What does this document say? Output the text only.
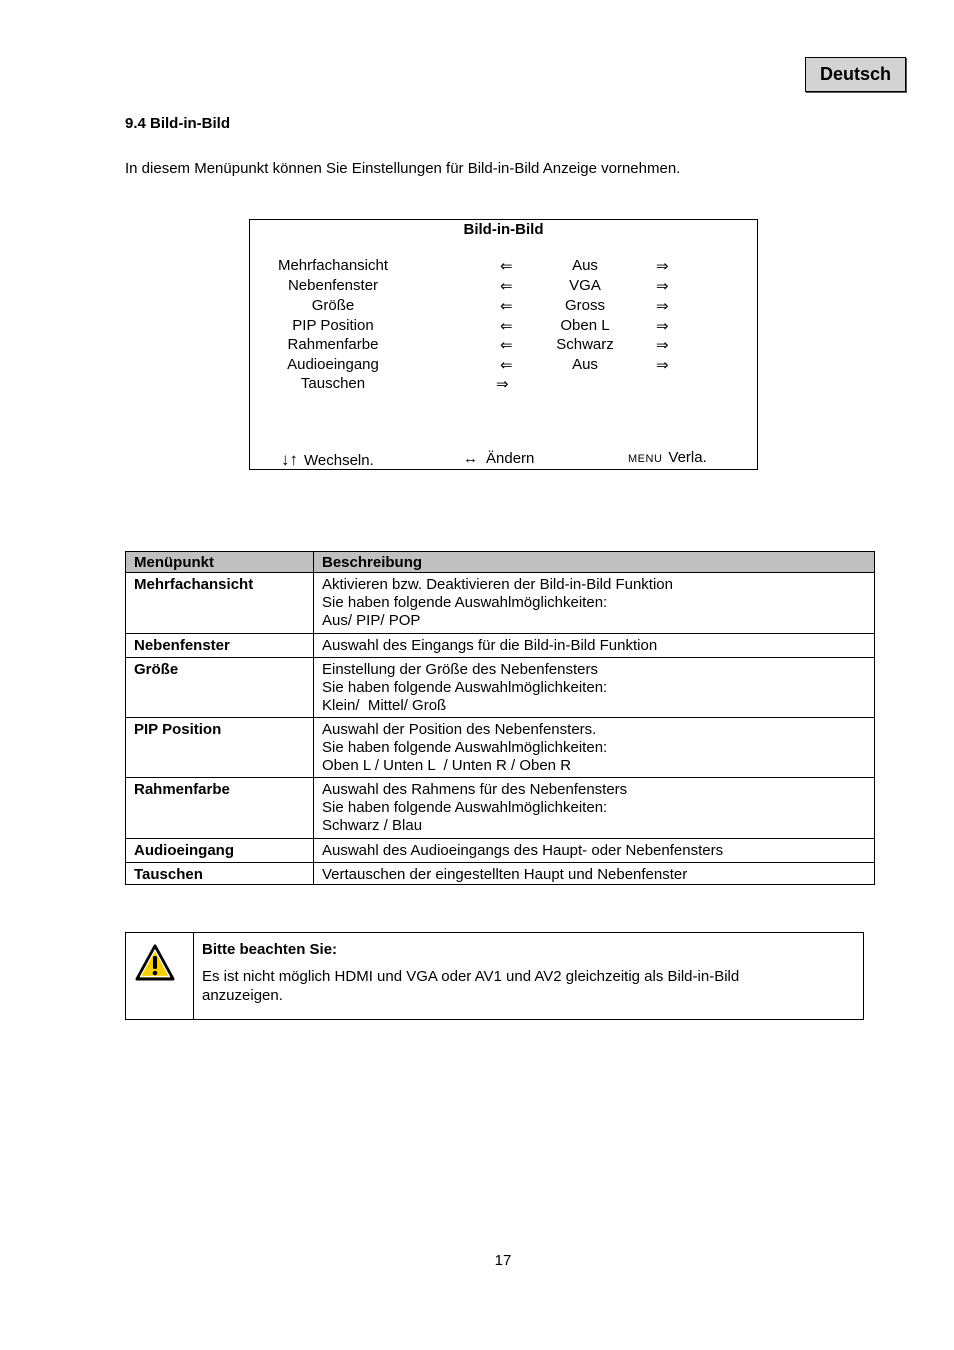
Deutsch
9.4 Bild-in-Bild
In diesem Menüpunkt können Sie Einstellungen für Bild-in-Bild Anzeige vornehmen.
Bild-in-Bild
Mehrfachansicht	⇐	Aus	⇒
Nebenfenster	⇐	VGA	⇒
Größe	⇐	Gross	⇒
PIP Position	⇐	Oben L	⇒
Rahmenfarbe	⇐	Schwarz	⇒
Audioeingang	⇐	Aus	⇒
Tauschen	⇒
↓↑ Wechseln.	↔ Ändern	MENU Verla.
Menüpunkt	Beschreibung
Mehrfachansicht	Aktivieren bzw. Deaktivieren der Bild-in-Bild Funktion
Sie haben folgende Auswahlmöglichkeiten:
Aus/ PIP/ POP

Nebenfenster	Auswahl des Eingangs für die Bild-in-Bild Funktion

Größe	Einstellung der Größe des Nebenfensters
Sie haben folgende Auswahlmöglichkeiten:
Klein/  Mittel/ Groß

PIP Position	Auswahl der Position des Nebenfensters.
Sie haben folgende Auswahlmöglichkeiten:
Oben L / Unten L  / Unten R / Oben R

Rahmenfarbe	Auswahl des Rahmens für des Nebenfensters
Sie haben folgende Auswahlmöglichkeiten:
Schwarz / Blau

Audioeingang	Auswahl des Audioeingangs des Haupt- oder Nebenfensters

Tauschen	Vertauschen der eingestellten Haupt und Nebenfenster
Bitte beachten Sie:
Es ist nicht möglich HDMI und VGA oder AV1 und AV2 gleichzeitig als Bild-in-Bild anzuzeigen.
17
